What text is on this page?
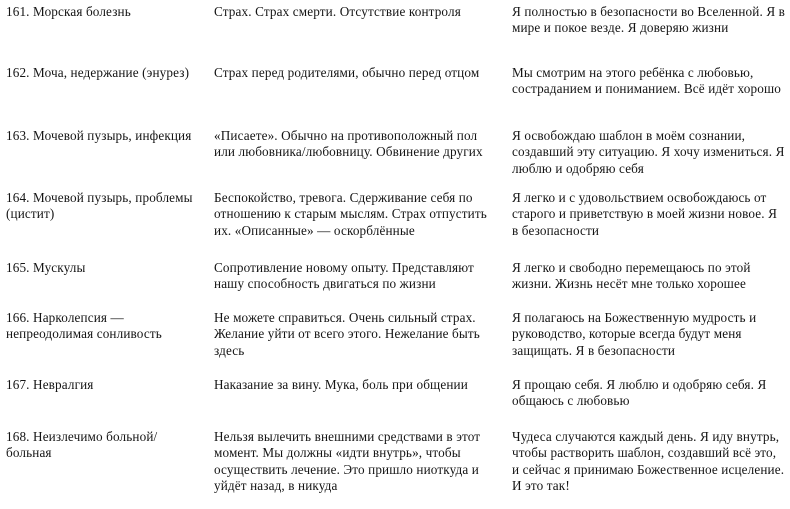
161. Морская болезнь	Страх. Страх смерти. Отсутствие контроля	Я полностью в безопасности во Вселенной. Я в мире и покое везде. Я доверяю жизни

162. Моча, недержание (энурез)	Страх перед родителями, обычно перед отцом	Мы смотрим на этого ребёнка с любовью, состраданием и пониманием. Всё идёт хорошо

163. Мочевой пузырь, инфекция	«Писаете». Обычно на противоположный пол или любовника/любовницу. Обвинение других	Я освобождаю шаблон в моём сознании, создавший эту ситуацию. Я хочу измениться. Я люблю и одобряю себя

164. Мочевой пузырь, проблемы (цистит)	Беспокойство, тревога. Сдерживание себя по отношению к старым мыслям. Страх отпустить их. «Описанные» — оскорблённые	Я легко и с удовольствием освобождаюсь от старого и приветствую в моей жизни новое. Я в безопасности

165. Мускулы	Сопротивление новому опыту. Представляют нашу способность двигаться по жизни	Я легко и свободно перемещаюсь по этой жизни. Жизнь несёт мне только хорошее

166. Нарколепсия — непреодолимая сонливость	Не можете справиться. Очень сильный страх. Желание уйти от всего этого. Нежелание быть здесь	Я полагаюсь на Божественную мудрость и руководство, которые всегда будут меня защищать. Я в безопасности

167. Невралгия	Наказание за вину. Мука, боль при общении	Я прощаю себя. Я люблю и одобряю себя. Я общаюсь с любовью

168. Неизлечимо больной/ больная	Нельзя вылечить внешними средствами в этот момент. Мы должны «идти внутрь», чтобы осуществить лечение. Это пришло ниоткуда и уйдёт назад, в никуда	Чудеса случаются каждый день. Я иду внутрь, чтобы растворить шаблон, создавший всё это, и сейчас я принимаю Божественное исцеление. И это так!
